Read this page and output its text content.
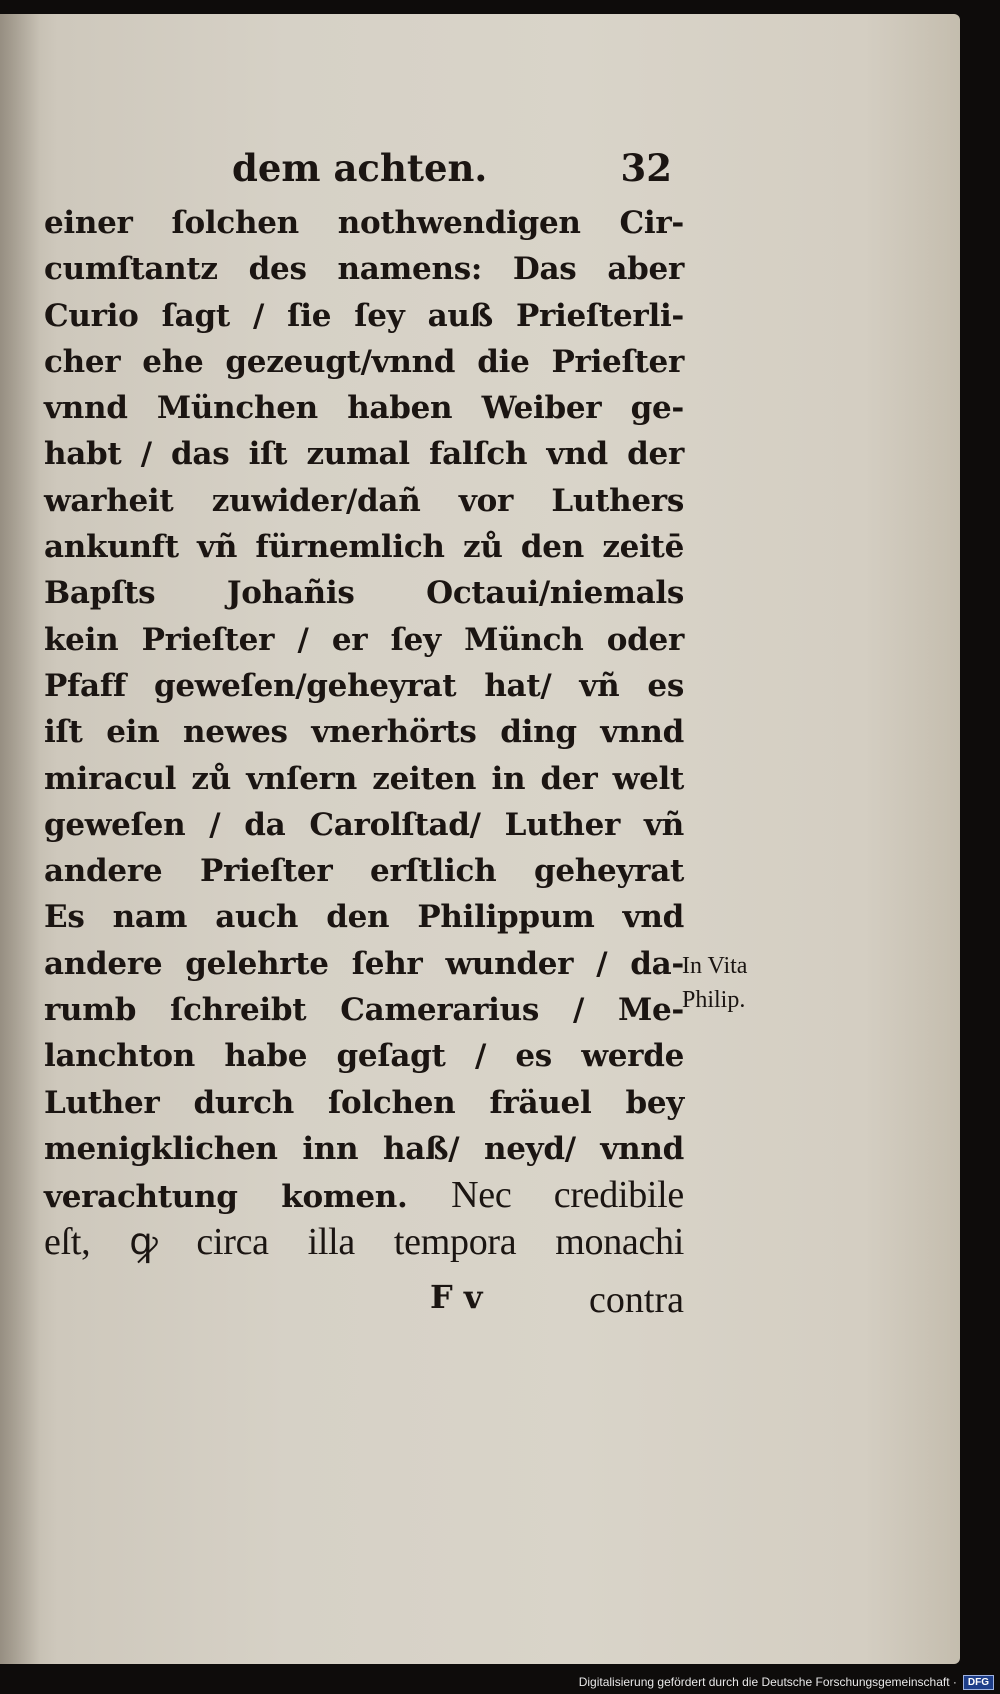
dem achten.	32
einer ſolchen nothwendigen Cir-
cumſtantz des namens: Das aber
Curio ſagt / ſie ſey auß Prieſterli-
cher ehe gezeugt/vnnd die Prieſter
vnnd München haben Weiber ge-
habt / das iſt zumal falſch vnd der
warheit zuwider/dañ vor Luthers
ankunft vñ fürnemlich zů den zeitē
Bapſts Johañis Octaui/niemals
kein Prieſter / er ſey Münch oder
Pfaff geweſen/geheyrat hat/ vñ es
iſt ein newes vnerhörts ding vnnd
miracul zů vnſern zeiten in der welt
geweſen / da Carolſtad/ Luther vñ
andere Prieſter erſtlich geheyrat
Es nam auch den Philippum vnd
andere gelehrte ſehr wunder / da-
rumb ſchreibt Camerarius / Me-
lanchton habe geſagt / es werde
Luther durch ſolchen fräuel bey
menigklichen inn haß/ neyd/ vnnd
verachtung komen. Nec credibile
eſt, ꝙ circa illa tempora monachi
F v	contra
In Vita
Philip.
Digitalisierung gefördert durch die Deutsche Forschungsgemeinschaft ·	DFG
